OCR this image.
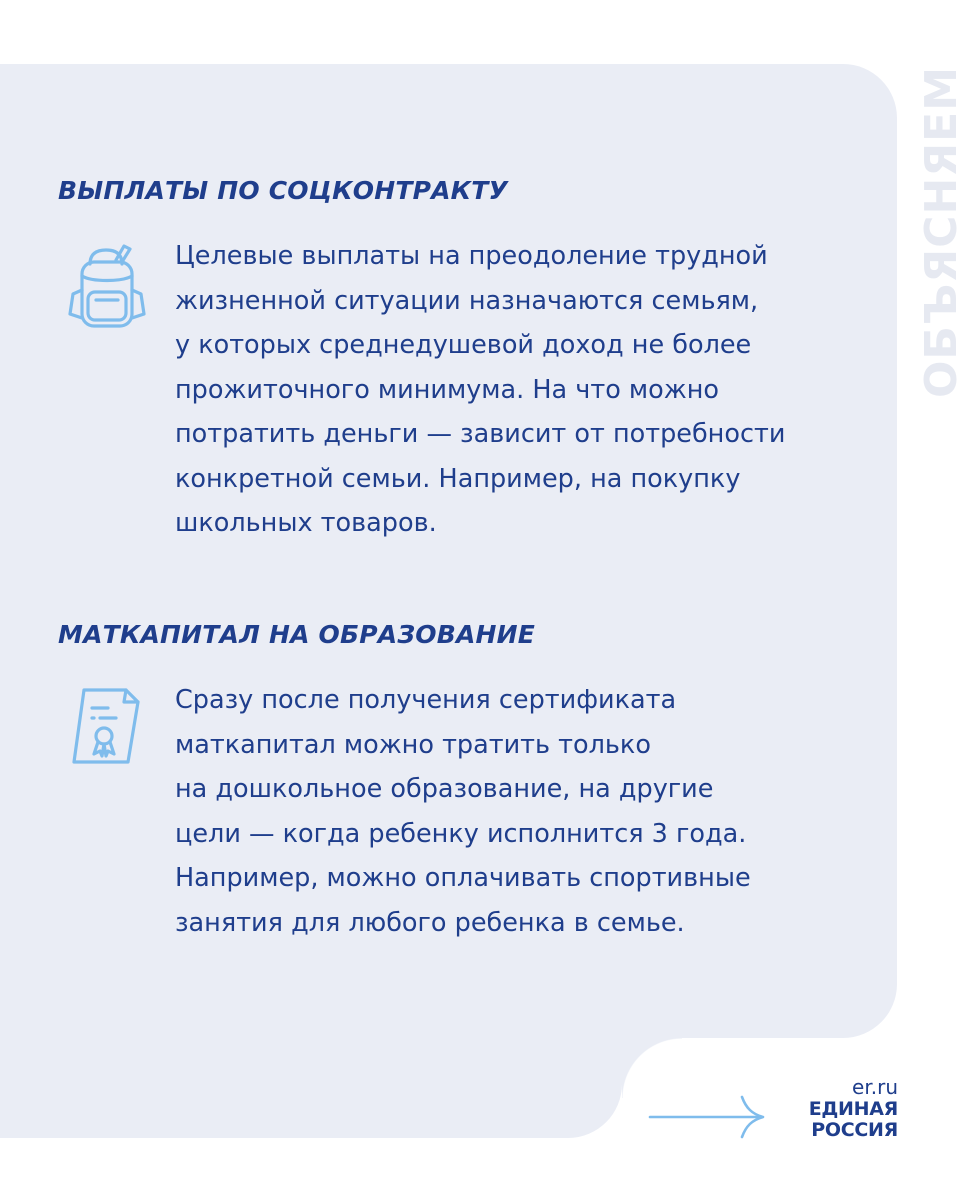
ОБЪЯСНЯЕМ
ВЫПЛАТЫ ПО СОЦКОНТРАКТУ
Целевые выплаты на преодоление трудной
жизненной ситуации назначаются семьям,
у которых среднедушевой доход не более
прожиточного минимума. На что можно
потратить деньги — зависит от потребности
конкретной семьи. Например, на покупку
школьных товаров.
МАТКАПИТАЛ НА ОБРАЗОВАНИЕ
Сразу после получения сертификата
маткапитал можно тратить только
на дошкольное образование, на другие
цели — когда ребенку исполнится 3 года.
Например, можно оплачивать спортивные
занятия для любого ребенка в семье.
er.ru
ЕДИНАЯ
РОССИЯ
